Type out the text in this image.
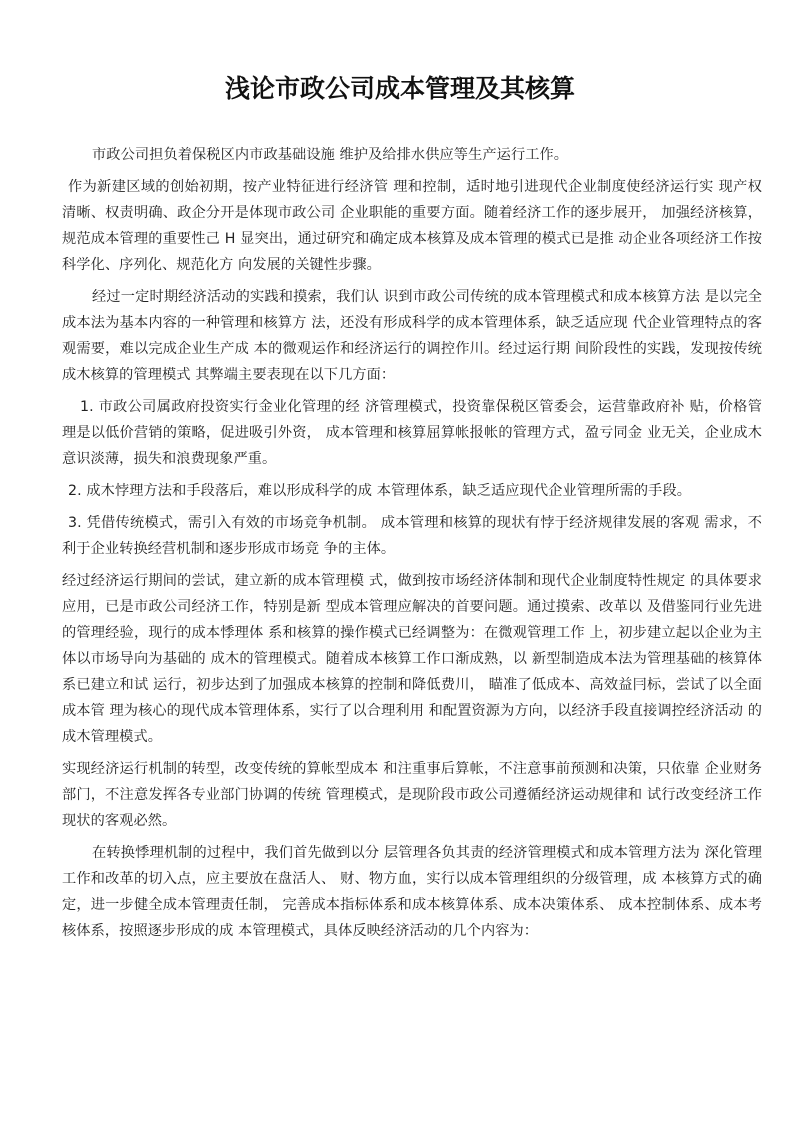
浅论市政公司成本管理及其核算

市政公司担负着保税区内市政基础设施 维护及给排水供应等生产运行工作。

作为新建区域的创始初期，按产业特征进行经济管 理和控制，适时地引进现代企业制度使经济运行实 现产权清晰、权责明确、政企分开是体现市政公司 企业职能的重要方面。随着经济工作的逐步展开， 加强经济核算，规范成本管理的重要性己 H 显突出，通过研究和确定成本核算及成本管理的模式已是推 动企业各项经济工作按科学化、序列化、规范化方 向发展的关键性步骤。

经过一定时期经济活动的实践和摸索，我们认 识到市政公司传统的成本管理模式和成本核算方法 是以完全成本法为基本内容的一种管理和核算方 法，还没有形成科学的成本管理体系，缺乏适应现 代企业管理特点的客观需要，难以完成企业生产成 本的微观运作和经济运行的调控作川。经过运行期 间阶段性的实践，发现按传统成木核算的管理模式 其弊端主要表现在以下几方面：

1. 市政公司属政府投资实行金业化管理的经 济管理模式，投资靠保税区管委会，运营靠政府补 贴，价格管理是以低价营销的策略，促进吸引外资， 成本管理和核算屈算帐报帐的管理方式，盈亏同金 业无关，企业成木意识淡薄，损失和浪费现象严重。

2. 成木悖理方法和手段落后，难以形成科学的成 本管理体系，缺乏适应现代企业管理所需的手段。

3. 凭借传统模式，需引入有效的市场竞争机制。 成本管理和核算的现状有悖于经济规律发展的客观 需求，不利于企业转换经营机制和逐步形成市场竞 争的主体。

经过经济运行期间的尝试，建立新的成本管理模 式，做到按市场经济体制和现代企业制度特性规定 的具体要求应用，已是市政公司经济工作，特别是新 型成本管理应解决的首要问题。通过摸索、改革以 及借鉴同行业先进的管理经验，现行的成本悸理体 系和核算的操作模式已经调整为：在微观管理工作 上，初步建立起以企业为主体以市场导向为基础的 成木的管理模式。随着成本核算工作口渐成熟，以 新型制造成本法为管理基础的核算体系已建立和试 运行，初步达到了加强成本核算的控制和降低费川， 瞄准了低成本、高效益冃标，尝试了以全面成本管 理为核心的现代成本管理体系，实行了以合理利用 和配置资源为方向，以经济手段直接调控经济活动 的成木管理模式。

实现经济运行机制的转型，改变传统的算帐型成本 和注重事后算帐，不注意事前预测和决策，只依靠 企业财务部门，不注意发挥各专业部门协调的传统 管理模式，是现阶段市政公司遵循经济运动规律和 试行改变经济工作现状的客观必然。

在转换悸理机制的过程中，我们首先做到以分 层管理各负其责的经济管理模式和成本管理方法为 深化管理工作和改革的切入点，应主要放在盘活人、 财、物方血，实行以成本管理组织的分级管理，成 本核算方式的确定，进一步健全成本管理责任制， 完善成本指标体系和成本核算体系、成本决策体系、 成本控制体系、成本考核体系，按照逐步形成的成 本管理模式，具体反映经济活动的几个内容为：
